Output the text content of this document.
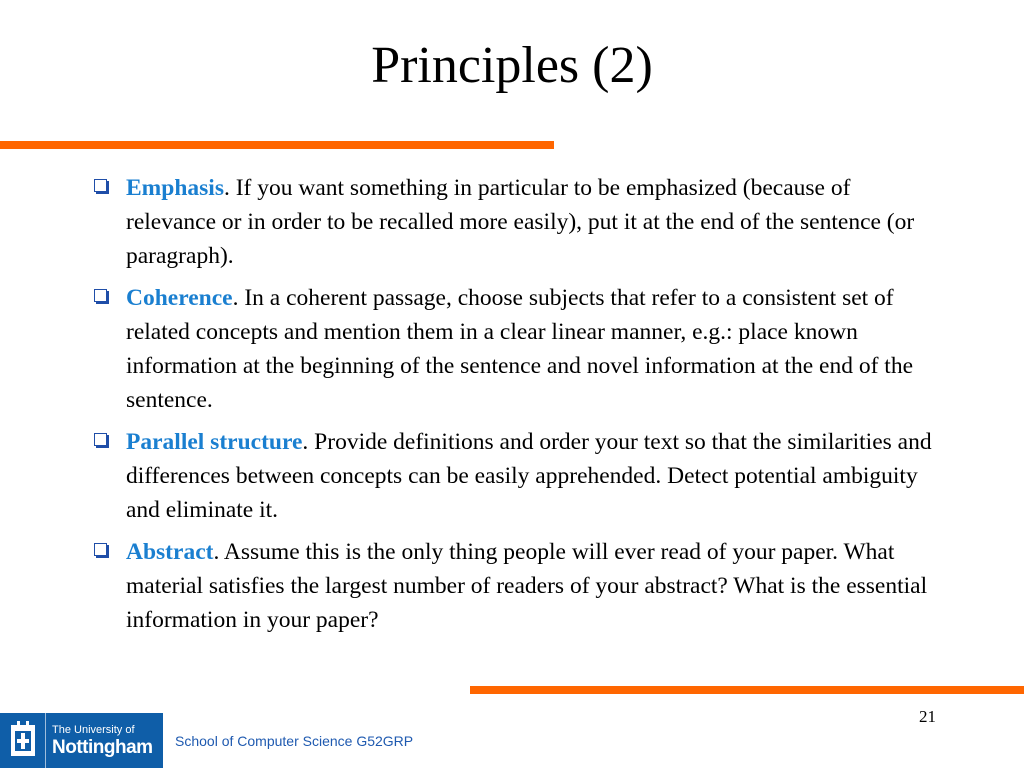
Principles (2)
Emphasis. If you want something in particular to be emphasized (because of relevance or in order to be recalled more easily), put it at the end of the sentence (or paragraph).
Coherence. In a coherent passage, choose subjects that refer to a consistent set of related concepts and mention them in a clear linear manner, e.g.: place known information at the beginning of the sentence and novel information at the end of the sentence.
Parallel structure. Provide definitions and order your text so that the similarities and differences between concepts can be easily apprehended. Detect potential ambiguity and eliminate it.
Abstract. Assume this is the only thing people will ever read of your paper. What material satisfies the largest number of readers of your abstract? What is the essential information in your paper?
21
The University of
Nottingham School of Computer Science G52GRP
